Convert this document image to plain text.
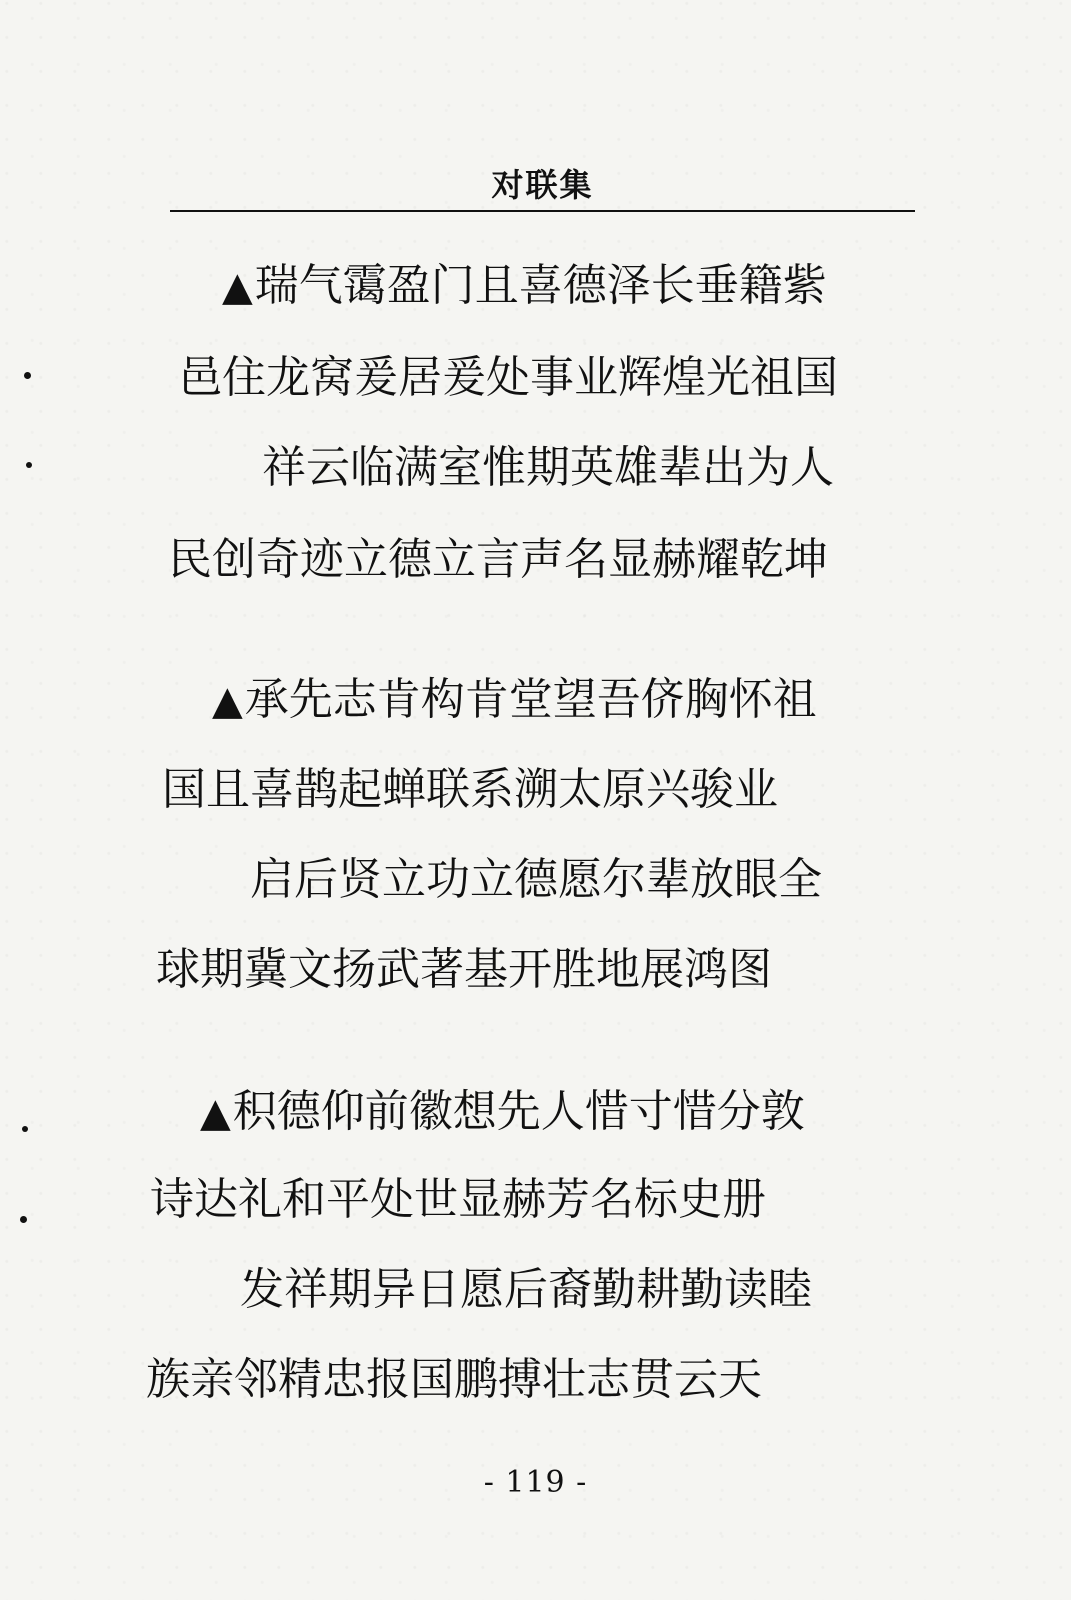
对联集
▲瑞气霭盈门且喜德泽长垂籍紫
邑住龙窝爰居爰处事业辉煌光祖国
祥云临满室惟期英雄辈出为人
民创奇迹立德立言声名显赫耀乾坤
▲承先志肯构肯堂望吾侪胸怀祖
国且喜鹊起蝉联系溯太原兴骏业
启后贤立功立德愿尔辈放眼全
球期冀文扬武著基开胜地展鸿图
▲积德仰前徽想先人惜寸惜分敦
诗达礼和平处世显赫芳名标史册
发祥期异日愿后裔勤耕勤读睦
族亲邻精忠报国鹏搏壮志贯云天
- 119 -
